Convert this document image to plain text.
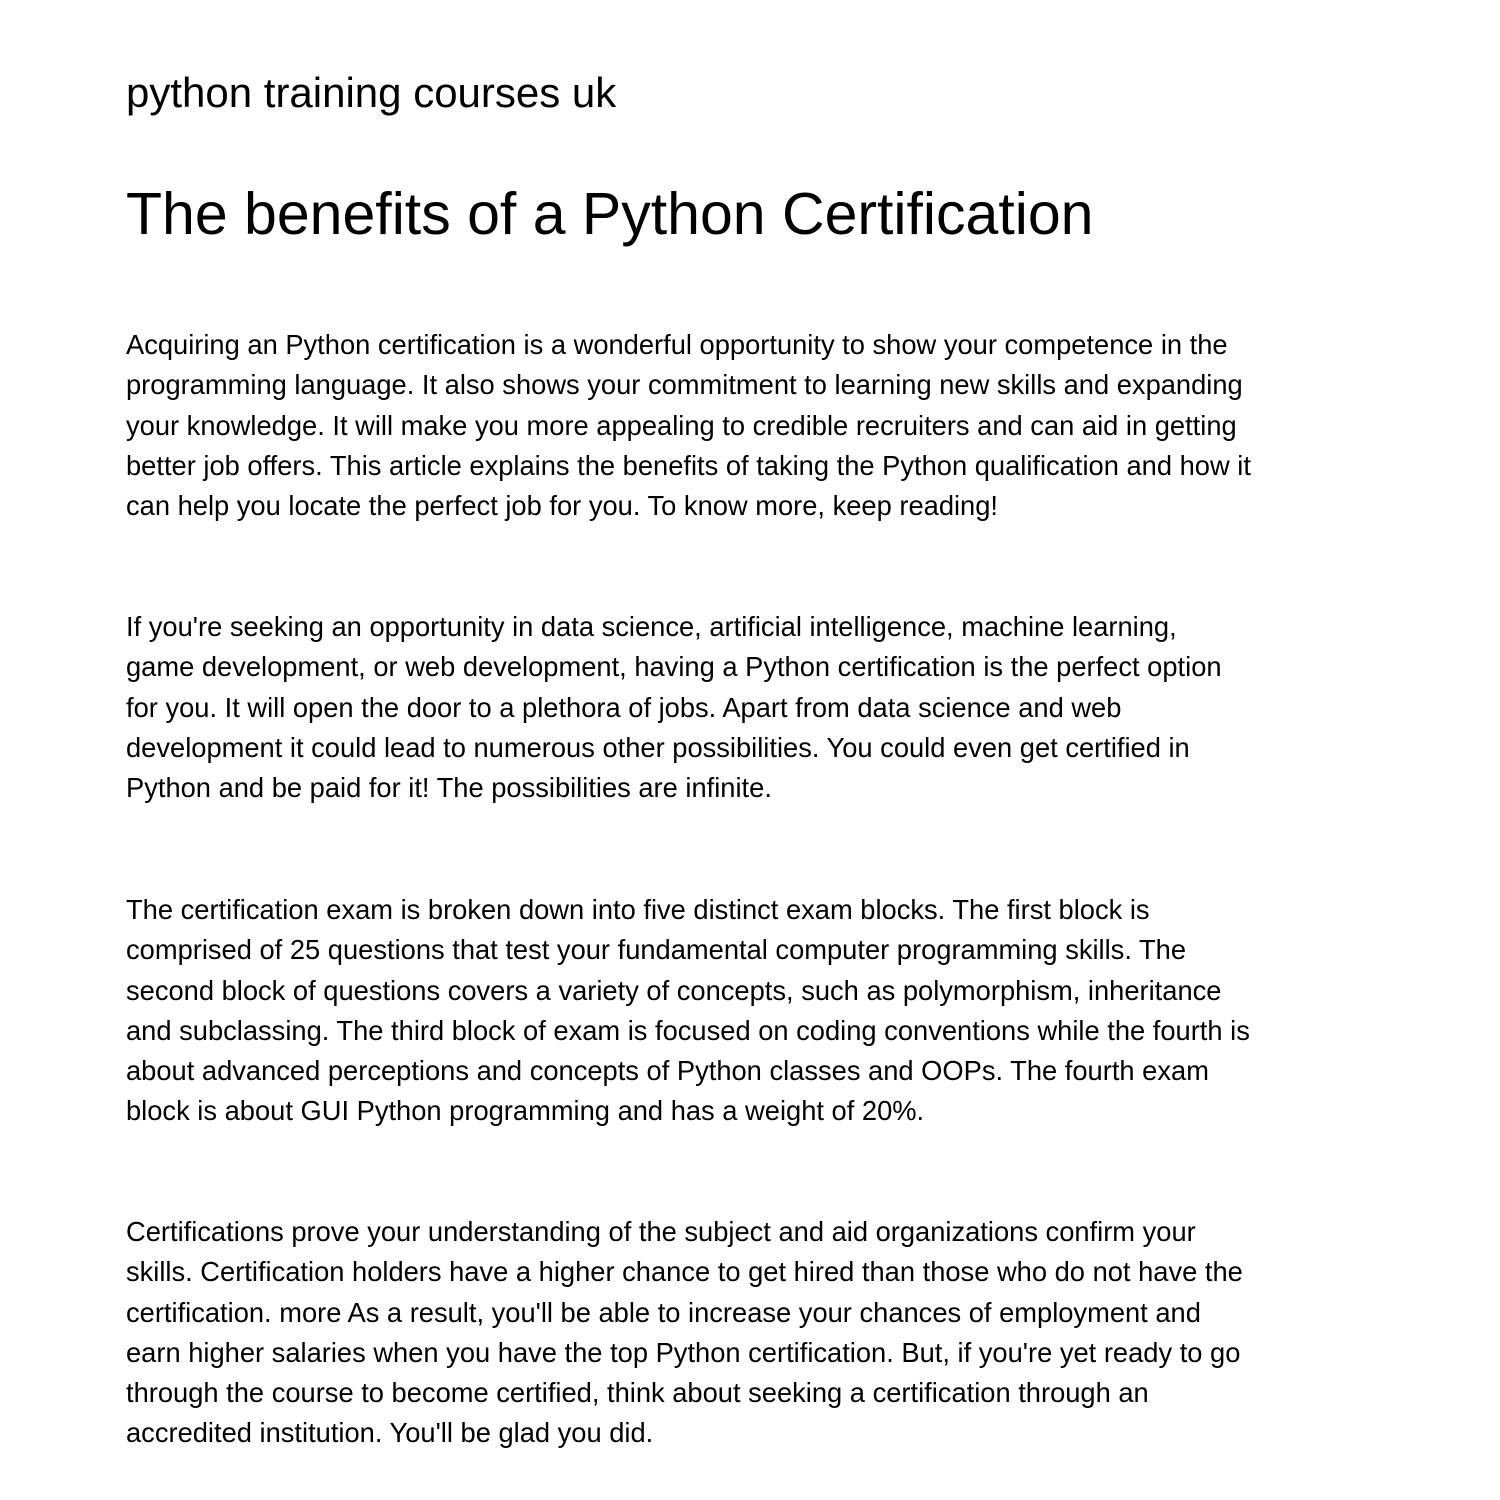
python training courses uk
The benefits of a Python Certification

Acquiring an Python certification is a wonderful opportunity to show your competence in the
programming language. It also shows your commitment to learning new skills and expanding
your knowledge. It will make you more appealing to credible recruiters and can aid in getting
better job offers. This article explains the benefits of taking the Python qualification and how it
can help you locate the perfect job for you. To know more, keep reading!

If you're seeking an opportunity in data science, artificial intelligence, machine learning,
game development, or web development, having a Python certification is the perfect option
for you. It will open the door to a plethora of jobs. Apart from data science and web
development it could lead to numerous other possibilities. You could even get certified in
Python and be paid for it! The possibilities are infinite.

The certification exam is broken down into five distinct exam blocks. The first block is
comprised of 25 questions that test your fundamental computer programming skills. The
second block of questions covers a variety of concepts, such as polymorphism, inheritance
and subclassing. The third block of exam is focused on coding conventions while the fourth is
about advanced perceptions and concepts of Python classes and OOPs. The fourth exam
block is about GUI Python programming and has a weight of 20%.

Certifications prove your understanding of the subject and aid organizations confirm your
skills. Certification holders have a higher chance to get hired than those who do not have the
certification. more As a result, you'll be able to increase your chances of employment and
earn higher salaries when you have the top Python certification. But, if you're yet ready to go
through the course to become certified, think about seeking a certification through an
accredited institution. You'll be glad you did.
